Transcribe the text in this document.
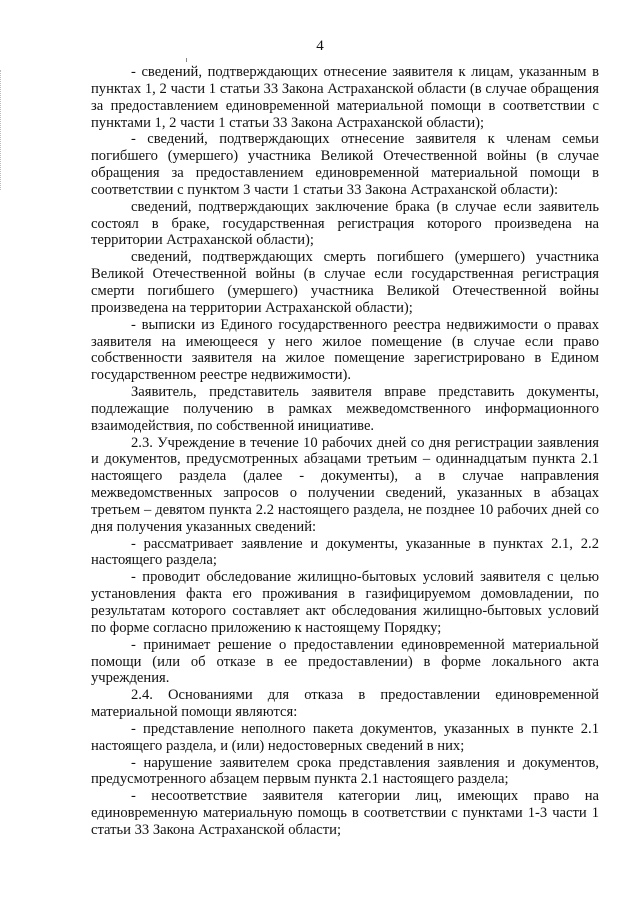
4

- сведений, подтверждающих отнесение заявителя к лицам, указанным в пунктах 1, 2 части 1 статьи 33 Закона Астраханской области (в случае обращения за предоставлением единовременной материальной помощи в соответствии с пунктами 1, 2 части 1 статьи 33 Закона Астраханской области);

- сведений, подтверждающих отнесение заявителя к членам семьи погибшего (умершего) участника Великой Отечественной войны (в случае обращения за предоставлением единовременной материальной помощи в соответствии с пунктом 3 части 1 статьи 33 Закона Астраханской области):

сведений, подтверждающих заключение брака (в случае если заявитель состоял в браке, государственная регистрация которого произведена на территории Астраханской области);

сведений, подтверждающих смерть погибшего (умершего) участника Великой Отечественной войны (в случае если государственная регистрация смерти погибшего (умершего) участника Великой Отечественной войны произведена на территории Астраханской области);

- выписки из Единого государственного реестра недвижимости о правах заявителя на имеющееся у него жилое помещение (в случае если право собственности заявителя на жилое помещение зарегистрировано в Едином государственном реестре недвижимости).

Заявитель, представитель заявителя вправе представить документы, подлежащие получению в рамках межведомственного информационного взаимодействия, по собственной инициативе.

2.3. Учреждение в течение 10 рабочих дней со дня регистрации заявления и документов, предусмотренных абзацами третьим – одиннадцатым пункта 2.1 настоящего раздела (далее - документы), а в случае направления межведомственных запросов о получении сведений, указанных в абзацах третьем – девятом пункта 2.2 настоящего раздела, не позднее 10 рабочих дней со дня получения указанных сведений:

- рассматривает заявление и документы, указанные в пунктах 2.1, 2.2 настоящего раздела;

- проводит обследование жилищно-бытовых условий заявителя с целью установления факта его проживания в газифицируемом домовладении, по результатам которого составляет акт обследования жилищно-бытовых условий по форме согласно приложению к настоящему Порядку;

- принимает решение о предоставлении единовременной материальной помощи (или об отказе в ее предоставлении) в форме локального акта учреждения.

2.4. Основаниями для отказа в предоставлении единовременной материальной помощи являются:

- представление неполного пакета документов, указанных в пункте 2.1 настоящего раздела, и (или) недостоверных сведений в них;

- нарушение заявителем срока представления заявления и документов, предусмотренного абзацем первым пункта 2.1 настоящего раздела;

- несоответствие заявителя категории лиц, имеющих право на единовременную материальную помощь в соответствии с пунктами 1-3 части 1 статьи 33 Закона Астраханской области;
